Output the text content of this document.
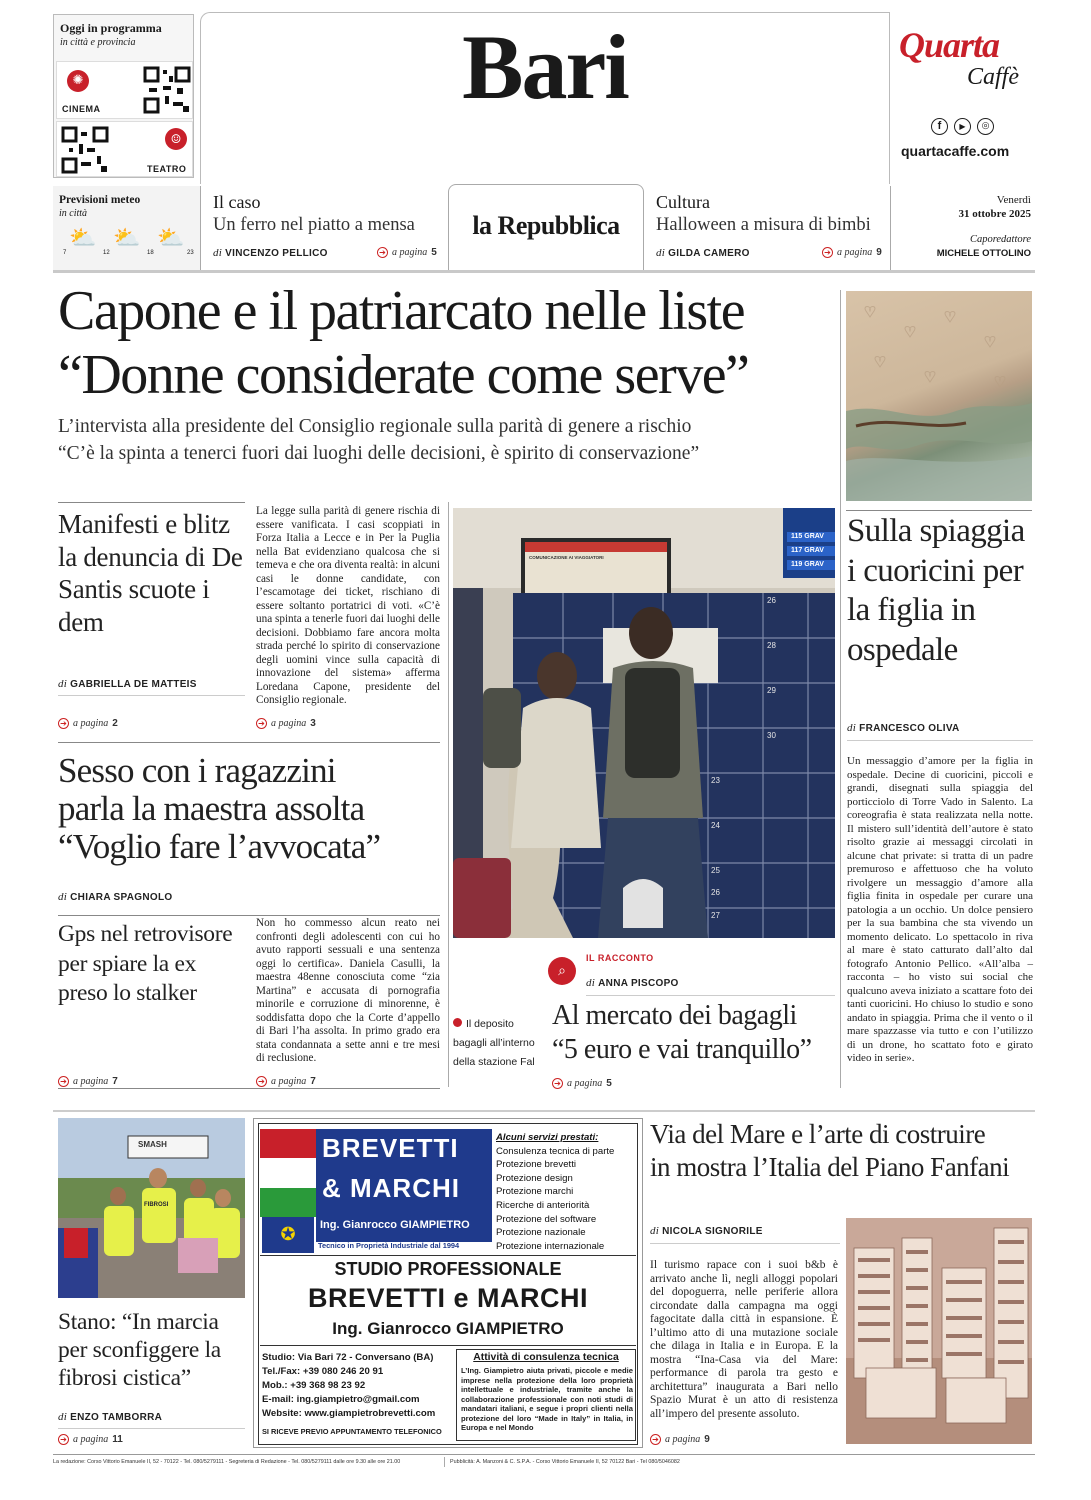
Oggi in programma
in città e provincia
✺
CINEMA
☺
TEATRO
Bari	Quarta
Caffè
f	▶	◎
quartacaffe.com
Previsioni meteo
in città
⛅ ⛅ ⛅
7	12	18	23
Il caso
Un ferro nel piatto a mensa
di VINCENZO PELLICO	➔ a pagina 5
la Repubblica
Cultura
Halloween a misura di bimbi
di GILDA CAMERO	➔ a pagina 9
Venerdì
31 ottobre 2025
Caporedattore
MICHELE OTTOLINO
Capone e il patriarcato nelle liste
“Donne considerate come serve”
L’intervista alla presidente del Consiglio regionale sulla parità di genere a rischio
“C’è la spinta a tenerci fuori dai luoghi delle decisioni, è spirito di conservazione”
Manifesti e blitz la denuncia di De Santis scuote i dem
di GABRIELLA DE MATTEIS
➔ a pagina 2
La legge sulla parità di genere rischia di essere vanificata. I casi scoppiati in Forza Italia a Lecce e in Per la Puglia nella Bat evidenziano qualcosa che si temeva e che ora diventa realtà: in alcuni casi le donne candidate, con l’escamotage dei ticket, rischiano di essere soltanto portatrici di voti. «C’è una spinta a tenerle fuori dai luoghi delle decisioni. Dobbiamo fare ancora molta strada perché lo spirito di conservazione degli uomini vince sulla capacità di innovazione del sistema» afferma Loredana Capone, presidente del Consiglio regionale.
➔ a pagina 3
Sesso con i ragazzini
parla la maestra assolta
“Voglio fare l’avvocata”
di CHIARA SPAGNOLO
Non ho commesso alcun reato nei confronti degli adolescenti con cui ho avuto rapporti sessuali e una sentenza oggi lo certifica». Daniela Casulli, la maestra 48enne conosciuta come “zia Martina” e accusata di pornografia minorile e corruzione di minorenne, è soddisfatta dopo che la Corte d’appello di Bari l’ha assolta. In primo grado era stata condannata a sette anni e tre mesi di reclusione.
➔ a pagina 7
Gps nel retrovisore per spiare la ex preso lo stalker
➔ a pagina 7
115 GRAV
117 GRAV
119 GRAV
COMUNICAZIONE AI VIAGGIATORI
26
28
29
30
23
24
25
26
27
Il deposito bagagli all’interno della stazione Fal
⌕
IL RACCONTO
di ANNA PISCOPO
Al mercato dei bagagli
“5 euro e vai tranquillo”
➔ a pagina 5
Sulla spiaggia i cuoricini per la figlia in ospedale
di FRANCESCO OLIVA
Un messaggio d’amore per la figlia in ospedale. Decine di cuoricini, piccoli e grandi, disegnati sulla spiaggia del porticciolo di Torre Vado in Salento. La coreografia è stata realizzata nella notte. Il mistero sull’identità dell’autore è stato risolto grazie ai messaggi circolati in alcune chat private: si tratta di un padre premuroso e affettuoso che ha voluto rivolgere un messaggio d’amore alla figlia finita in ospedale per curare una patologia a un occhio. Un dolce pensiero per la sua bambina che sta vivendo un momento delicato. Lo spettacolo in riva al mare è stato catturato dall’alto dal fotografo Antonio Pellico. «All’alba – racconta – ho visto sui social che qualcuno aveva iniziato a scattare foto dei tanti cuoricini. Ho chiuso lo studio e sono andato in spiaggia. Prima che il vento o il mare spazzasse via tutto e con l’utilizzo di un drone, ho scattato foto e girato video in serie».
SMASH
FIBROSI
Stano: “In marcia per sconfiggere la fibrosi cistica”
di ENZO TAMBORRA
➔ a pagina 11
BREVETTI
& MARCHI
✪	Ing. Gianrocco GIAMPIETRO
Tecnico in Proprietà Industriale dal 1994
Alcuni servizi prestati:
Consulenza tecnica di parte
Protezione brevetti
Protezione design
Protezione marchi
Ricerche di anteriorità
Protezione del software
Protezione nazionale
Protezione internazionale
STUDIO PROFESSIONALE
BREVETTI e MARCHI
Ing. Gianrocco GIAMPIETRO
Studio: Via Bari 72 - Conversano (BA)
Tel./Fax: +39 080 246 20 91
Mob.: +39 368 98 23 92
E-mail: ing.giampietro@gmail.com
Website: www.giampietrobrevetti.com
SI RICEVE PREVIO APPUNTAMENTO TELEFONICO
Attività di consulenza tecnica
L’Ing. Giampietro aiuta privati, piccole e medie imprese nella protezione della loro proprietà intellettuale e industriale, tramite anche la collaborazione professionale con noti studi di mandatari italiani, e segue i propri clienti nella protezione del loro “Made in Italy” in Italia, in Europa e nel Mondo
Via del Mare e l’arte di costruire
in mostra l’Italia del Piano Fanfani
di NICOLA SIGNORILE
Il turismo rapace con i suoi b&b è arrivato anche lì, negli alloggi popolari del dopoguerra, nelle periferie allora circondate dalla campagna ma oggi fagocitate dalla città in espansione. È l’ultimo atto di una mutazione sociale che dilaga in Italia e in Europa. E la mostra “Ina-Casa via del Mare: performance di parola tra gesto e architettura” inaugurata a Bari nello Spazio Murat è un atto di resistenza all’impero del presente assoluto.
➔ a pagina 9
La redazione: Corso Vittorio Emanuele II, 52 - 70122 - Tel. 080/5279111 - Segreteria di Redazione - Tel. 080/5279111 dalle ore 9.30 alle ore 21.00	Pubblicità: A. Manzoni & C. S.P.A. - Corso Vittorio Emanuele II, 52 70122 Bari - Tel 080/5046082
